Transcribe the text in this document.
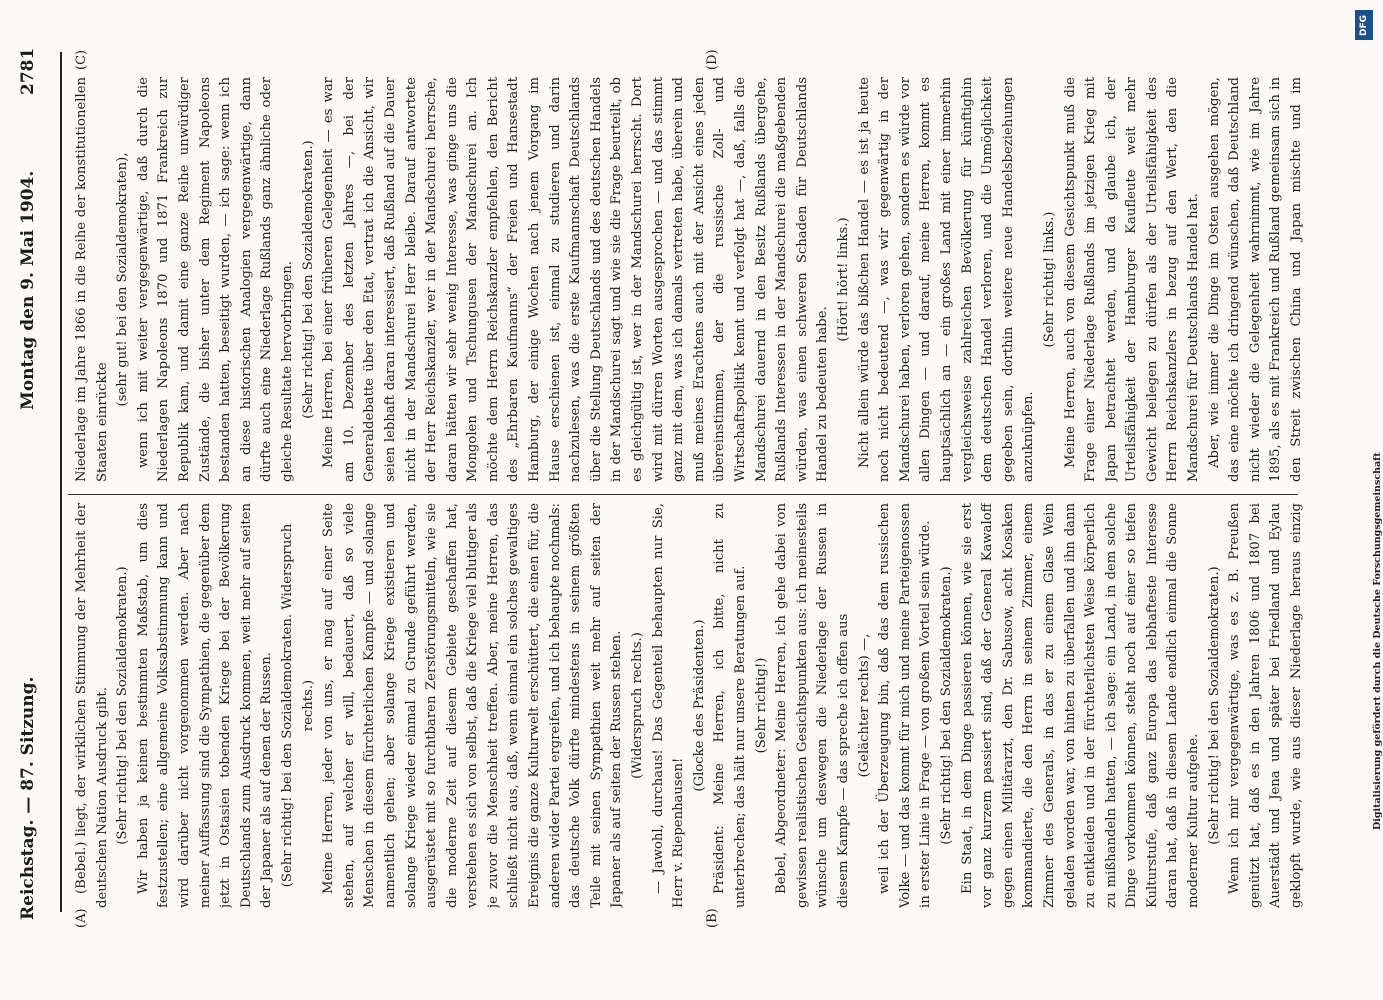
Reichstag. — 87. Sitzung.
Montag den 9. Mai 1904.
2781
(A)	(B)
(C)	(D)

(Bebel.) liegt, der wirklichen Stimmung der Mehrheit der deutschen Nation Ausdruck gibt. (Sehr richtig! bei den Sozialdemokraten.) Wir haben ja keinen bestimmten Maßstab, um dies festzustellen; eine allgemeine Volksabstimmung kann und wird darüber nicht vorgenommen werden. Aber nach meiner Auffassung sind die Sympathien, die gegenüber dem jetzt in Ostasien tobenden Kriege bei der Bevölkerung Deutschlands zum Ausdruck kommen, weit mehr auf seiten der Japaner als auf denen der Russen. (Sehr richtig! bei den Sozialdemokraten. Widerspruch rechts.) Meine Herren, jeder von uns, er mag auf einer Seite stehen, auf welcher er will, bedauert, daß so viele Menschen in diesem fürchterlichen Kampfe — und solange namentlich gehen; aber solange Kriege existieren und solange Kriege wieder einmal zu Grunde geführt werden, ausgerüstet mit so furchtbaren Zerstörungsmitteln, wie sie die moderne Zeit auf diesem Gebiete geschaffen hat, verstehen es sich von selbst, daß die Kriege viel blutiger als je zuvor die Menschheit treffen. Aber, meine Herren, das schließt nicht aus, daß, wenn einmal ein solches gewaltiges Ereignis die ganze Kulturwelt erschüttert, die einen für, die anderen wider Partei ergreifen, und ich behaupte nochmals: das deutsche Volk dürfte mindestens in seinem größten Teile mit seinen Sympathien weit mehr auf seiten der Japaner als auf seiten der Russen stehen. (Widerspruch rechts.) — Jawohl, durchaus! Das Gegenteil behaupten nur Sie, Herr v. Riepenhausen!

(Glocke des Präsidenten.) Präsident: Meine Herren, ich bitte, nicht zu unterbrechen; das hält nur unsere Beratungen auf. (Sehr richtig!) Bebel, Abgeordneter: Meine Herren, ich gehe dabei von gewissen realistischen Gesichtspunkten aus: ich meinesteils wünsche um deswegen die Niederlage der Russen in diesem Kampfe — das spreche ich offen aus (Gelächter rechts) —, weil ich der Überzeugung bin, daß das dem russischen Volke — und das kommt für mich und meine Parteigenossen in erster Linie in Frage — von großem Vorteil sein würde. (Sehr richtig! bei den Sozialdemokraten.) Ein Staat, in dem Dinge passieren können, wie sie erst vor ganz kurzem passiert sind, daß der General Kawaloff gegen einen Militärarzt, den Dr. Sabusow, acht Kosaken kommandierte, die den Herrn in seinem Zimmer, einem Zimmer des Generals, in das er zu einem Glase Wein geladen worden war, von hinten zu überfallen und ihn dann zu entkleiden und in der fürchterlichsten Weise körperlich zu mißhandeln hatten, — ich sage: ein Land, in dem solche Dinge vorkommen können, steht noch auf einer so tiefen Kulturstufe, daß ganz Europa das lebhafteste Interesse daran hat, daß in diesem Lande endlich einmal die Sonne moderner Kultur aufgehe. (Sehr richtig! bei den Sozialdemokraten.)

Wenn ich mir vergegenwärtige, was es z. B. Preußen genützt hat, daß es in den Jahren 1806 und 1807 bei Auerstädt und Jena und später bei Friedland und Eylau geklopft wurde, wie aus dieser Niederlage heraus einzig

Niederlage im Jahre 1866 in die Reihe der konstitutionellen Staaten einrückte

(sehr gut! bei den Sozialdemokraten), wenn ich mit weiter vergegenwärtige, daß durch die Niederlagen Napoleons 1870 und 1871 Frankreich zur Republik kam, und damit eine ganze Reihe unwürdiger Zustände, die bisher unter dem Regiment Napoleons bestanden hatten, beseitigt wurden, — ich sage: wenn ich an diese historischen Analogien vergegenwärtige, dann dürfte auch eine Niederlage Rußlands ganz ähnliche oder gleiche Resultate hervorbringen. (Sehr richtig! bei den Sozialdemokraten.) Meine Herren, bei einer früheren Gelegenheit — es war am 10. Dezember des letzten Jahres —, bei der Generaldebatte über den Etat, vertrat ich die Ansicht, wir seien lebhaft daran interessiert, daß Rußland auf die Dauer nicht in der Mandschurei Herr bleibe. Darauf antwortete der Herr Reichskanzler, wer in der Mandschurei herrsche, daran hätten wir sehr wenig Interesse, was ginge uns die Mongolen und Tschungusen der Mandschurei an. Ich möchte dem Herrn Reichskanzler empfehlen, den Bericht des „Ehrbaren Kaufmanns“ der Freien und Hansestadt Hamburg, der einige Wochen nach jenem Vorgang im Hause erschienen ist, einmal zu studieren und darin nachzulesen, was die erste Kaufmannschaft Deutschlands über die Stellung Deutschlands und des deutschen Handels in der Mandschurei sagt und wie sie die Frage beurteilt, ob es gleichgültig ist, wer in der Mandschurei herrscht. Dort wird mit dürren Worten ausgesprochen — und das stimmt ganz mit dem, was ich damals vertreten habe, überein und muß meines Erachtens auch mit der Ansicht eines jeden übereinstimmen, der die russische Zoll- und Wirtschaftspolitik kennt und verfolgt hat —, daß, falls die Mandschurei dauernd in den Besitz Rußlands übergehe, Rußlands Interessen in der Mandschurei die maßgebenden würden, was einen schweren Schaden für Deutschlands Handel zu bedeuten habe.

(Hört! hört! links.) Nicht allein würde das bißchen Handel — es ist ja heute noch nicht bedeutend —, was wir gegenwärtig in der Mandschurei haben, verloren gehen, sondern es würde vor allen Dingen — und darauf, meine Herren, kommt es hauptsächlich an — ein großes Land mit einer immerhin vergleichsweise zahlreichen Bevölkerung für künftighin dem deutschen Handel verloren, und die Unmöglichkeit gegeben sein, dorthin weitere neue Handelsbeziehungen anzuknüpfen.

(Sehr richtig! links.) Meine Herren, auch von diesem Gesichtspunkt muß die Frage einer Niederlage Rußlands im jetzigen Krieg mit Japan betrachtet werden, und da glaube ich, der Urteilsfähigkeit der Hamburger Kaufleute weit mehr Gewicht beilegen zu dürfen als der Urteilsfähigkeit des Herrn Reichskanzlers in bezug auf den Wert, den die Mandschurei für Deutschlands Handel hat. Aber, wie immer die Dinge im Osten ausgehen mögen, das eine möchte ich dringend wünschen, daß Deutschland nicht wieder die Gelegenheit wahrnimmt, wie im Jahre 1895, als es mit Frankreich und Rußland gemeinsam sich in den Streit zwischen China und Japan mischte und im

Digitalisierung gefördert durch die Deutsche Forschungsgemeinschaft
DFG
